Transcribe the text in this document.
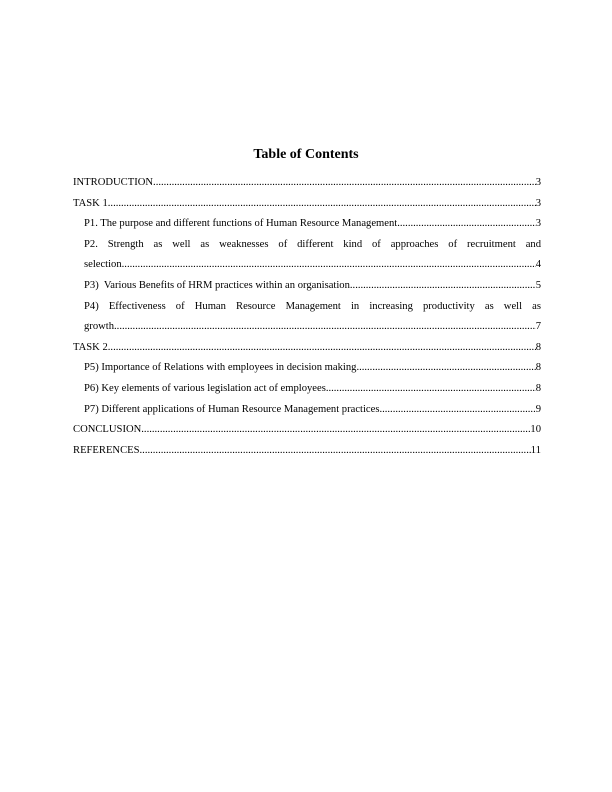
Table of Contents
INTRODUCTION .....	3
TASK 1 .....	3
P1. The purpose and different functions of Human Resource Management .....	3
P2. Strength as well as weaknesses of different kind of approaches of recruitment and
selection .....	4
P3)  Various Benefits of HRM practices within an organisation .....	5
P4) Effectiveness of Human Resource Management in increasing productivity as well as
growth .....	7
TASK 2 .....	8
P5) Importance of Relations with employees in decision making .....	8
P6) Key elements of various legislation act of employees .....	8
P7) Different applications of Human Resource Management practices .....	9
CONCLUSION .....	10
REFERENCES .....	11
